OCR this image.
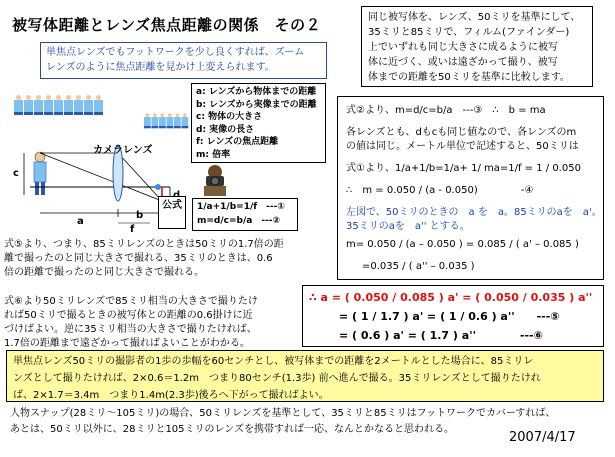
被写体距離とレンズ焦点距離の関係　その２	同じ被写体を、レンズ、50ミリを基準にして、
35ミリと85ミリで、フィルム(ファインダー)
上でいずれも同じ大きさに成るように被写
体に近づく、或いは遠ざかって撮り、被写
体までの距離を50ミリを基準に比較します。
単焦点レンズでもフットワークを少し良くすれば、ズーム
レンズのように焦点距離を見かけ上変えられます。
a: レンズから物体までの距離
b: レンズから実像までの距離
c: 物体の大きさ
d: 実像の長さ
f: レンズの焦点距離
m: 倍率
カメラレンズ
c
a
b
f
公式	1/a+1/b=1/f　---①
m=d/c=b/a　---②
式②より、m=d/c=b/a　---③　∴　b = ma
各レンズとも、dもcも同じ値なので、各レンズのm
の値は同じ。メートル単位で記述すると、50ミリは
式①より、1/a+1/b=1/a+ 1/ ma=1/f = 1 / 0.050
∴　m = 0.050 / (a - 0.050)　　　　 -④
左図で、50ミリのときの　a を　a。85ミリのaを　a'。
35ミリのaを　a'' とする。
m= 0.050 / (a – 0.050 ) = 0.085 / ( a' – 0.085 )
=0.035 / ( a'' – 0.035 )
式⑤より、つまり、85ミリレンズのときは50ミリの1.7倍の距
離で撮ったのと同じ大きさで撮れる、35ミリのときは、0.6
倍の距離で撮ったのと同じ大きさで撮れる。
式⑥より50ミリレンズで85ミリ相当の大きさで撮りたけ
れば50ミリで撮るときの被写体との距離の0.6掛けに近
づけばよい。逆に35ミリ相当の大きさで撮りたければ、
1.7倍の距離まで遠ざかって撮ればよいことがわかる。
∴ a = ( 0.050 / 0.085 ) a' = ( 0.050 / 0.035 ) a''
= ( 1 / 1.7 ) a' = ( 1 / 0.6 ) a''　　---⑤
= ( 0.6 ) a' = ( 1.7 ) a''　　　　---⑥
単焦点レンズ50ミリの撮影者の1歩の歩幅を60センチとし、被写体までの距離を2メートルとした場合に、85ミリレ
ンズとして撮りたければ、2×0.6＝1.2m　つまり80センチ(1.3歩) 前へ進んで撮る。35ミリレンズとして撮りたけれ
ば、2×1.7＝3.4m　つまり1.4m(2.3歩)後ろへ下がって撮ればよい。
人物スナップ(28ミリ～105ミリ)の場合、50ミリレンズを基準として、35ミリと85ミリはフットワークでカバーすれば、
あとは、50ミリ以外に、28ミリと105ミリのレンズを携帯すれば一応、なんとかなると思われる。
2007/4/17
